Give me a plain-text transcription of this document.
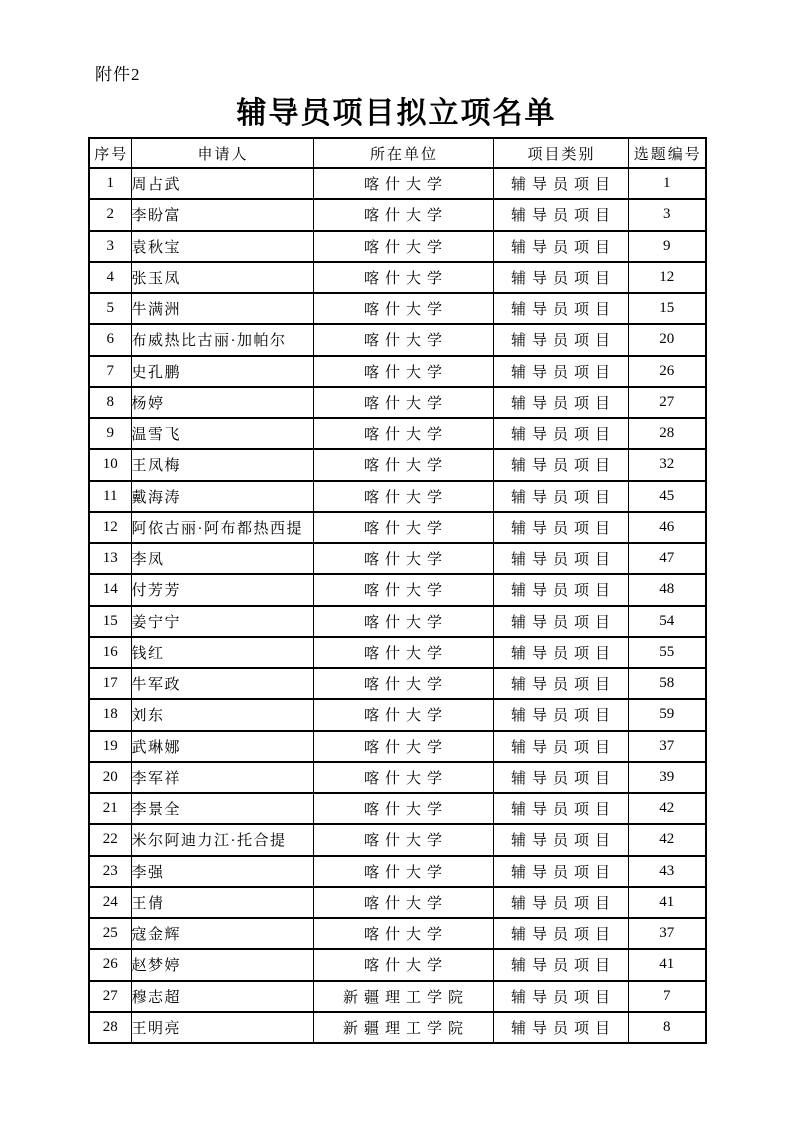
附件2
辅导员项目拟立项名单
序号	申请人	所在单位	项目类别	选题编号
1	周占武	喀什大学	辅导员项目	1
2	李盼富	喀什大学	辅导员项目	3
3	袁秋宝	喀什大学	辅导员项目	9
4	张玉凤	喀什大学	辅导员项目	12
5	牛满洲	喀什大学	辅导员项目	15
6	布威热比古丽·加帕尔	喀什大学	辅导员项目	20
7	史孔鹏	喀什大学	辅导员项目	26
8	杨婷	喀什大学	辅导员项目	27
9	温雪飞	喀什大学	辅导员项目	28
10	王凤梅	喀什大学	辅导员项目	32
11	戴海涛	喀什大学	辅导员项目	45
12	阿依古丽·阿布都热西提	喀什大学	辅导员项目	46
13	李凤	喀什大学	辅导员项目	47
14	付芳芳	喀什大学	辅导员项目	48
15	姜宁宁	喀什大学	辅导员项目	54
16	钱红	喀什大学	辅导员项目	55
17	牛军政	喀什大学	辅导员项目	58
18	刘东	喀什大学	辅导员项目	59
19	武琳娜	喀什大学	辅导员项目	37
20	李军祥	喀什大学	辅导员项目	39
21	李景全	喀什大学	辅导员项目	42
22	米尔阿迪力江·托合提	喀什大学	辅导员项目	42
23	李强	喀什大学	辅导员项目	43
24	王倩	喀什大学	辅导员项目	41
25	寇金辉	喀什大学	辅导员项目	37
26	赵梦婷	喀什大学	辅导员项目	41
27	穆志超	新疆理工学院	辅导员项目	7
28	王明亮	新疆理工学院	辅导员项目	8
